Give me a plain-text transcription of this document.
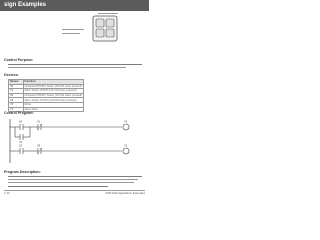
sign Examples
Control Purpose:
Devices:
Device	Function
X0	Occupied (START) button (X0=ON when pressed)
X1	Alarm button (STOP) (X1=ON when pressed)
X2	Occupied (START) button (X2=ON when pressed)
X3	Alarm button (STOP) (X3=ON when pressed)
Y0	Motor
Y1	Alarm lamp
Control Program:
X0	X1	Y0
Y0
X2	X3	Y1
Program Description:
7-12	DVP-ES2 Application Examples
